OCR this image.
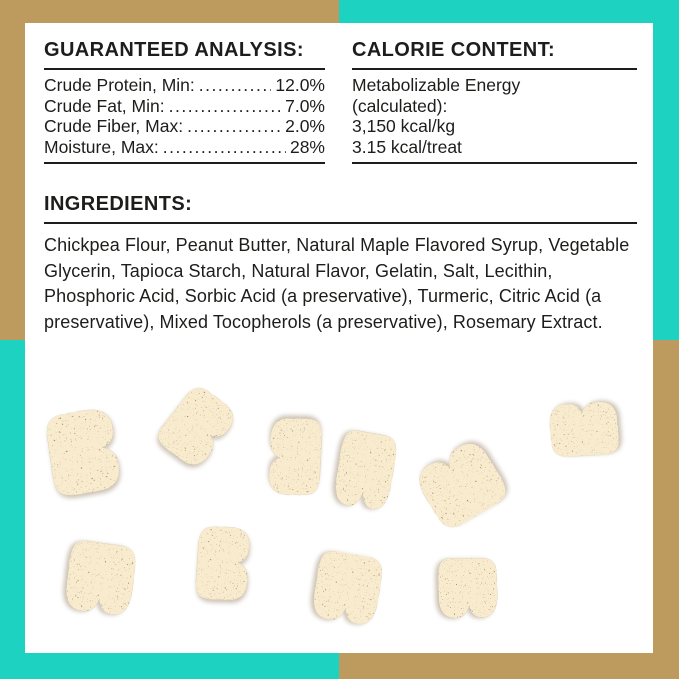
GUARANTEED ANALYSIS:
Crude Protein, Min: .....	12.0%
Crude Fat, Min: .....	7.0%
Crude Fiber, Max: .....	2.0%
Moisture, Max: .....	28%
CALORIE CONTENT:
Metabolizable Energy
(calculated):
3,150 kcal/kg
3.15 kcal/treat
INGREDIENTS:

Chickpea Flour, Peanut Butter, Natural Maple Flavored Syrup, Vegetable Glycerin, Tapioca Starch, Natural Flavor, Gelatin, Salt, Lecithin, Phosphoric Acid, Sorbic Acid (a preservative), Turmeric, Citric Acid (a preservative), Mixed Tocopherols (a preservative), Rosemary Extract.
